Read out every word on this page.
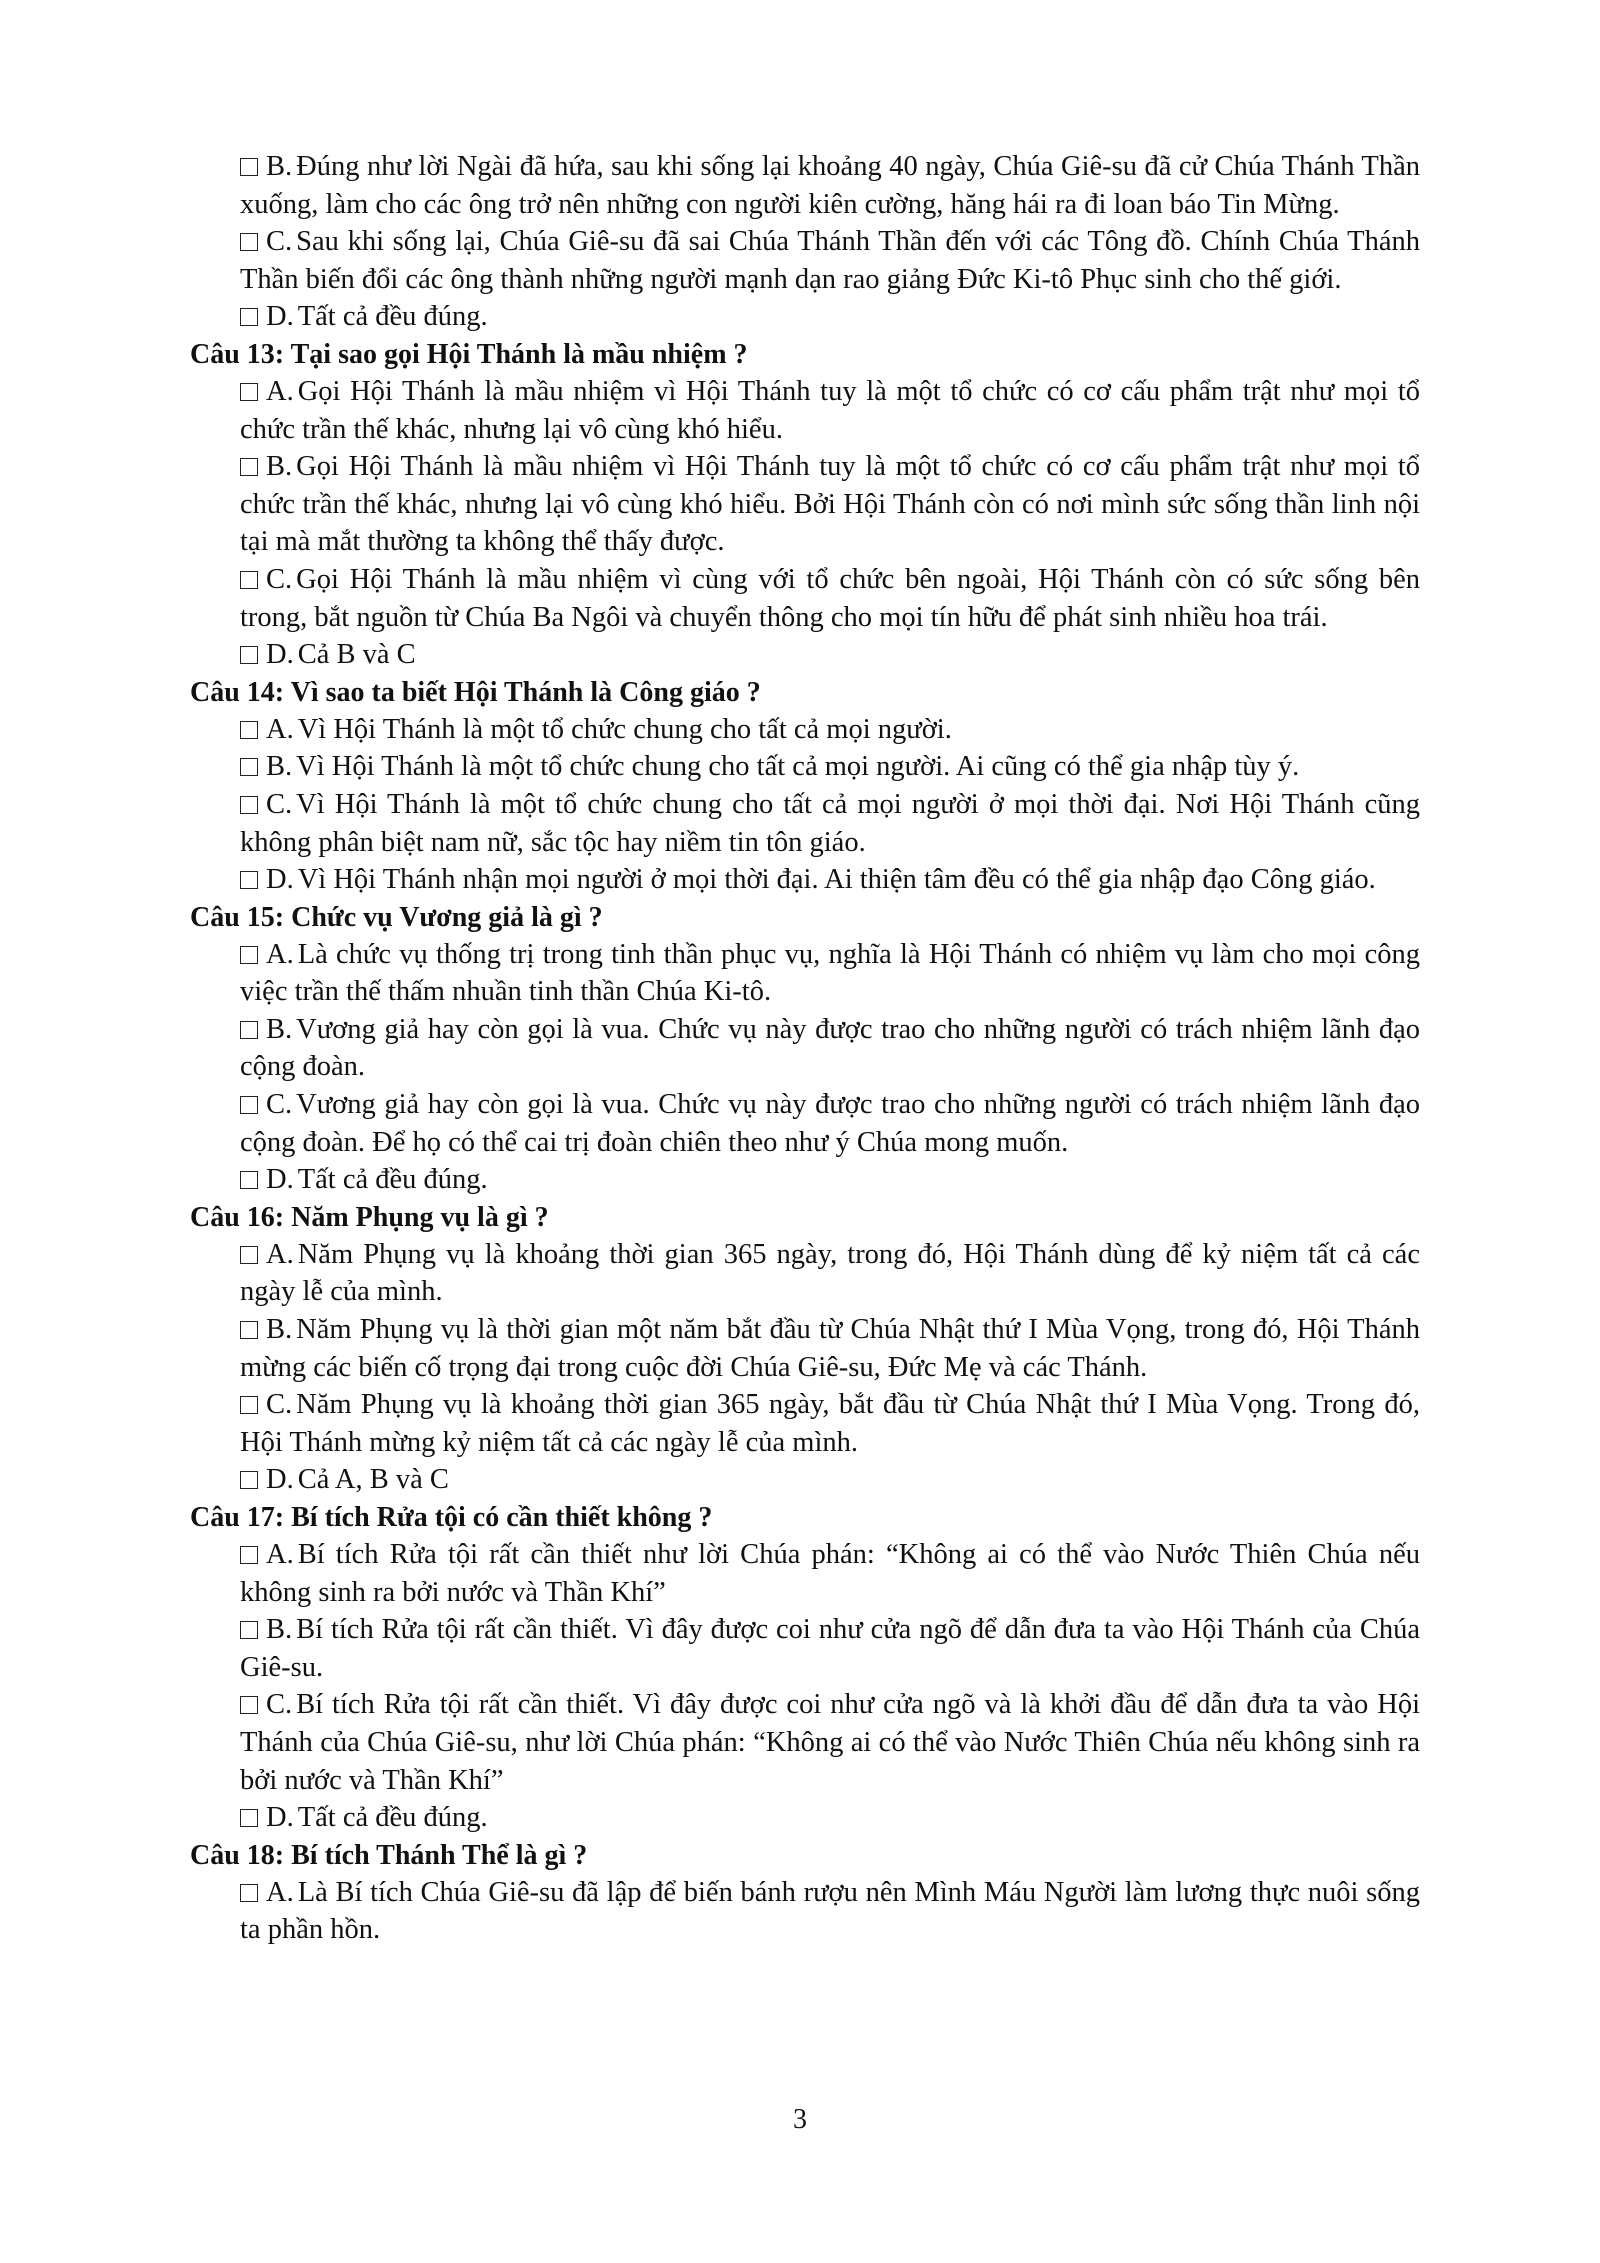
B. Đúng như lời Ngài đã hứa, sau khi sống lại khoảng 40 ngày, Chúa Giê-su đã cử Chúa Thánh Thần xuống, làm cho các ông trở nên những con người kiên cường, hăng hái ra đi loan báo Tin Mừng.
C. Sau khi sống lại, Chúa Giê-su đã sai Chúa Thánh Thần đến với các Tông đồ. Chính Chúa Thánh Thần biến đổi các ông thành những người mạnh dạn rao giảng Đức Ki-tô Phục sinh cho thế giới.
D. Tất cả đều đúng.
Câu 13: Tại sao gọi Hội Thánh là mầu nhiệm ?
A. Gọi Hội Thánh là mầu nhiệm vì Hội Thánh tuy là một tổ chức có cơ cấu phẩm trật như mọi tổ chức trần thế khác, nhưng lại vô cùng khó hiểu.
B. Gọi Hội Thánh là mầu nhiệm vì Hội Thánh tuy là một tổ chức có cơ cấu phẩm trật như mọi tổ chức trần thế khác, nhưng lại vô cùng khó hiểu. Bởi Hội Thánh còn có nơi mình sức sống thần linh nội tại mà mắt thường ta không thể thấy được.
C. Gọi Hội Thánh là mầu nhiệm vì cùng với tổ chức bên ngoài, Hội Thánh còn có sức sống bên trong, bắt nguồn từ Chúa Ba Ngôi và chuyển thông cho mọi tín hữu để phát sinh nhiều hoa trái.
D. Cả B và C
Câu 14: Vì sao ta biết Hội Thánh là Công giáo ?
A. Vì Hội Thánh là một tổ chức chung cho tất cả mọi người.
B. Vì Hội Thánh là một tổ chức chung cho tất cả mọi người. Ai cũng có thể gia nhập tùy ý.
C. Vì Hội Thánh là một tổ chức chung cho tất cả mọi người ở mọi thời đại. Nơi Hội Thánh cũng không phân biệt nam nữ, sắc tộc hay niềm tin tôn giáo.
D. Vì Hội Thánh nhận mọi người ở mọi thời đại. Ai thiện tâm đều có thể gia nhập đạo Công giáo.
Câu 15: Chức vụ Vương giả là gì ?
A. Là chức vụ thống trị trong tinh thần phục vụ, nghĩa là Hội Thánh có nhiệm vụ làm cho mọi công việc trần thế thấm nhuần tinh thần Chúa Ki-tô.
B. Vương giả hay còn gọi là vua. Chức vụ này được trao cho những người có trách nhiệm lãnh đạo cộng đoàn.
C. Vương giả hay còn gọi là vua. Chức vụ này được trao cho những người có trách nhiệm lãnh đạo cộng đoàn. Để họ có thể cai trị đoàn chiên theo như ý Chúa mong muốn.
D. Tất cả đều đúng.
Câu 16: Năm Phụng vụ là gì ?
A. Năm Phụng vụ là khoảng thời gian 365 ngày, trong đó, Hội Thánh dùng để kỷ niệm tất cả các ngày lễ của mình.
B. Năm Phụng vụ là thời gian một năm bắt đầu từ Chúa Nhật thứ I Mùa Vọng, trong đó, Hội Thánh mừng các biến cố trọng đại trong cuộc đời Chúa Giê-su, Đức Mẹ và các Thánh.
C. Năm Phụng vụ là khoảng thời gian 365 ngày, bắt đầu từ Chúa Nhật thứ I Mùa Vọng. Trong đó, Hội Thánh mừng kỷ niệm tất cả các ngày lễ của mình.
D. Cả A, B và C
Câu 17: Bí tích Rửa tội có cần thiết không ?
A. Bí tích Rửa tội rất cần thiết như lời Chúa phán: “Không ai có thể vào Nước Thiên Chúa nếu không sinh ra bởi nước và Thần Khí”
B. Bí tích Rửa tội rất cần thiết. Vì đây được coi như cửa ngõ để dẫn đưa ta vào Hội Thánh của Chúa Giê-su.
C. Bí tích Rửa tội rất cần thiết. Vì đây được coi như cửa ngõ và là khởi đầu để dẫn đưa ta vào Hội Thánh của Chúa Giê-su, như lời Chúa phán: “Không ai có thể vào Nước Thiên Chúa nếu không sinh ra bởi nước và Thần Khí”
D. Tất cả đều đúng.
Câu 18: Bí tích Thánh Thể là gì ?
A. Là Bí tích Chúa Giê-su đã lập để biến bánh rượu nên Mình Máu Người làm lương thực nuôi sống ta phần hồn.
3
